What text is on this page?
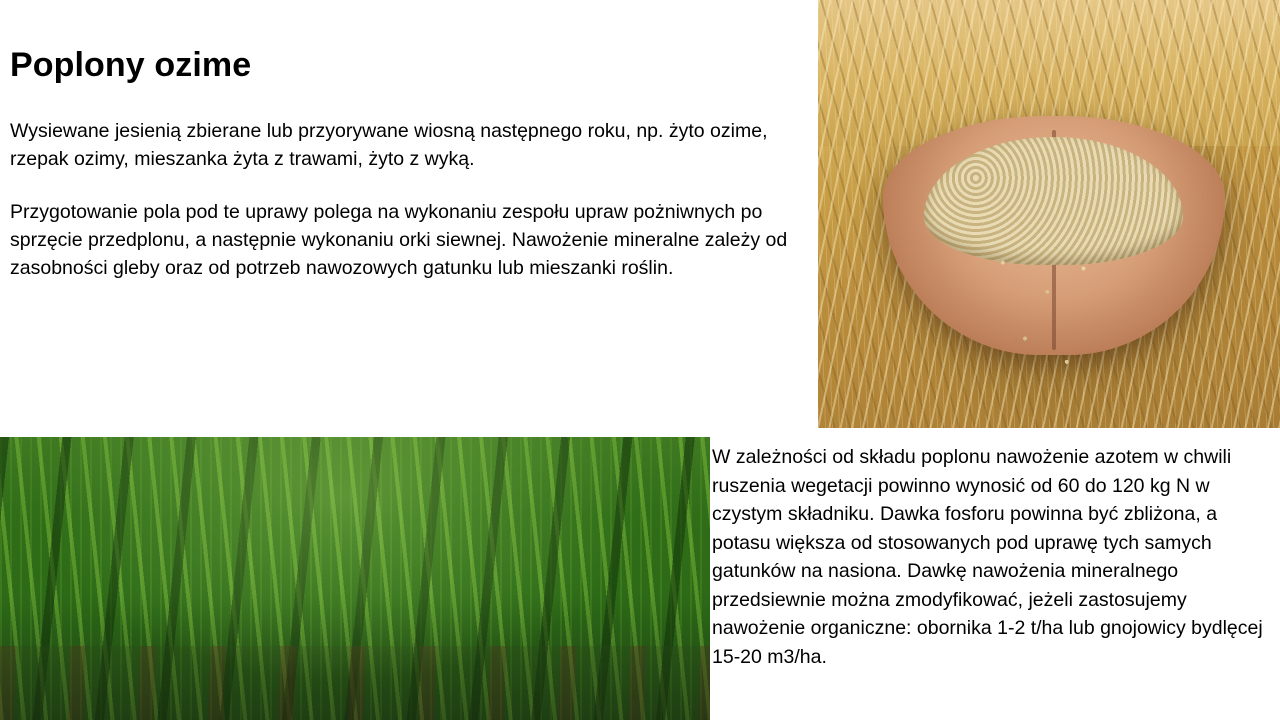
Poplony ozime

Wysiewane jesienią zbierane lub przyorywane wiosną następnego roku, np. żyto ozime, rzepak ozimy, mieszanka żyta z trawami, żyto z wyką.

Przygotowanie pola pod te uprawy polega na wykonaniu zespołu upraw pożniwnych po sprzęcie przedplonu, a następnie wykonaniu orki siewnej. Nawożenie mineralne zależy od zasobności gleby oraz od potrzeb nawozowych gatunku lub mieszanki roślin.

W zależności od składu poplonu nawożenie azotem w chwili ruszenia wegetacji powinno wynosić od 60 do 120 kg N w czystym składniku. Dawka fosforu powinna być zbliżona, a potasu większa od stosowanych pod uprawę tych samych gatunków na nasiona. Dawkę nawożenia mineralnego przedsiewnie można zmodyfikować, jeżeli zastosujemy nawożenie organiczne: obornika 1-2 t/ha lub gnojowicy bydlęcej 15-20 m3/ha.
